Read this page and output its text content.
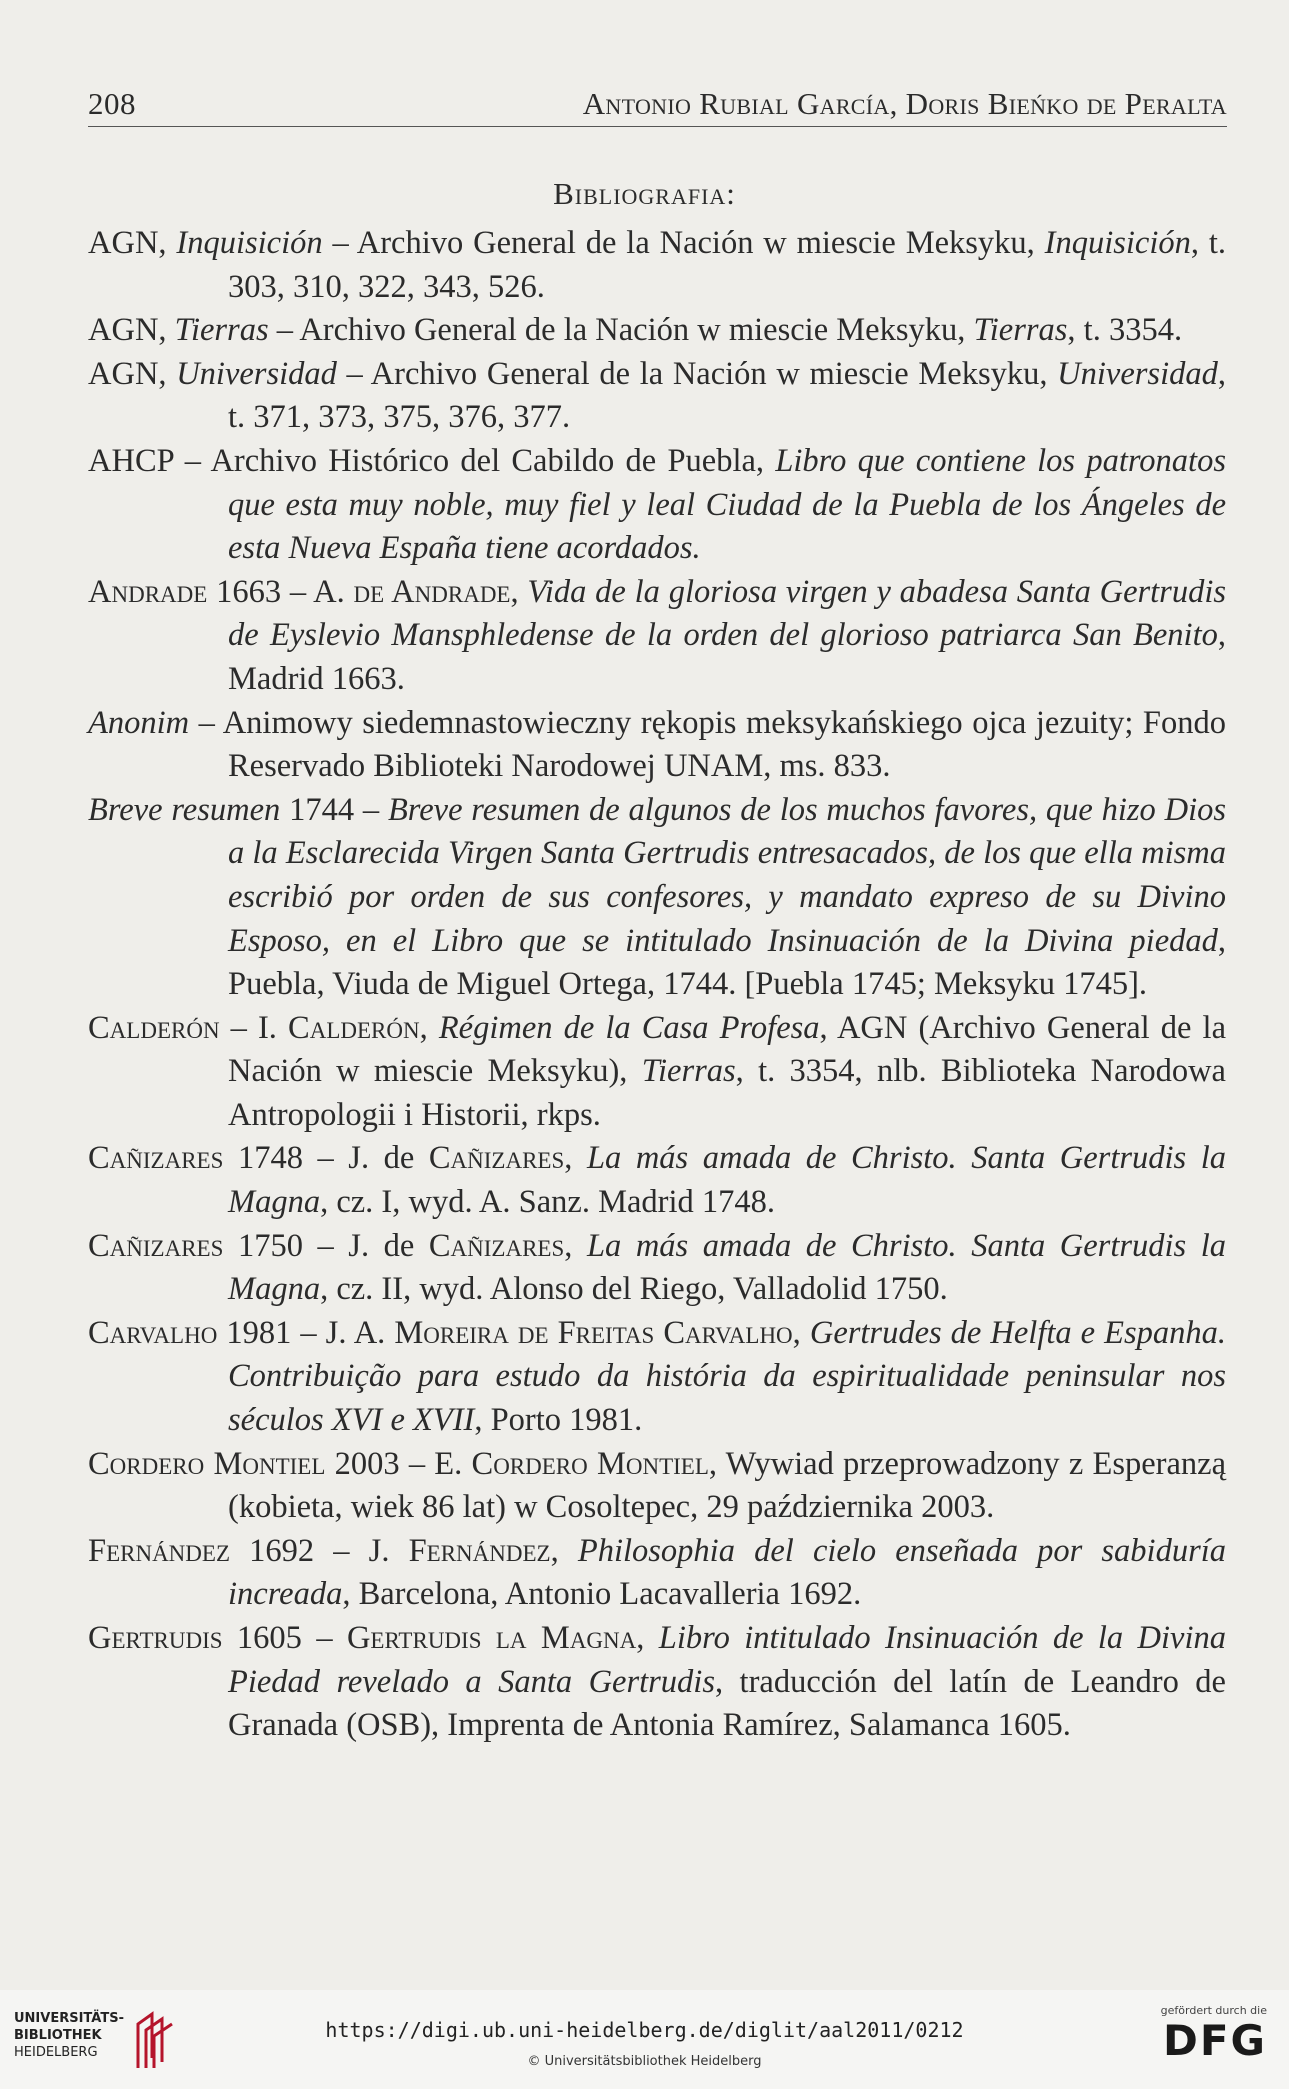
208	Antonio Rubial García, Doris Bieńko de Peralta
Bibliografia:

AGN, Inquisición – Archivo General de la Nación w miescie Meksyku, Inquisición, t. 303, 310, 322, 343, 526.

AGN, Tierras – Archivo General de la Nación w miescie Meksyku, Tierras, t. 3354.

AGN, Universidad – Archivo General de la Nación w miescie Meksyku, Universidad, t. 371, 373, 375, 376, 377.

AHCP – Archivo Histórico del Cabildo de Puebla, Libro que contiene los patronatos que esta muy noble, muy fiel y leal Ciudad de la Puebla de los Ángeles de esta Nueva España tiene acordados.

Andrade 1663 – A. de Andrade, Vida de la gloriosa virgen y abadesa Santa Gertrudis de Eyslevio Mansphledense de la orden del glorioso patriarca San Benito, Madrid 1663.

Anonim – Animowy siedemnastowieczny rękopis meksykańskiego ojca jezuity; Fondo Reservado Biblioteki Narodowej UNAM, ms. 833.

Breve resumen 1744 – Breve resumen de algunos de los muchos favores, que hizo Dios a la Esclarecida Virgen Santa Gertrudis entresacados, de los que ella misma escribió por orden de sus confesores, y mandato expreso de su Divino Esposo, en el Libro que se intitulado Insinuación de la Divina piedad, Puebla, Viuda de Miguel Ortega, 1744. [Puebla 1745; Meksyku 1745].

Calderón – I. Calderón, Régimen de la Casa Profesa, AGN (Archivo General de la Nación w miescie Meksyku), Tierras, t. 3354, nlb. Biblioteka Narodowa Antropologii i Historii, rkps.

Cañizares 1748 – J. de Cañizares, La más amada de Christo. Santa Gertrudis la Magna, cz. I, wyd. A. Sanz. Madrid 1748.

Cañizares 1750 – J. de Cañizares, La más amada de Christo. Santa Gertrudis la Magna, cz. II, wyd. Alonso del Riego, Valladolid 1750.

Carvalho 1981 – J. A. Moreira de Freitas Carvalho, Gertrudes de Helfta e Espanha. Contribuição para estudo da história da espiritualidade peninsular nos séculos XVI e XVII, Porto 1981.

Cordero Montiel 2003 – E. Cordero Montiel, Wywiad przeprowadzony z Esperanzą (kobieta, wiek 86 lat) w Cosoltepec, 29 października 2003.

Fernández 1692 – J. Fernández, Philosophia del cielo enseñada por sabiduría increada, Barcelona, Antonio Lacavalleria 1692.

Gertrudis 1605 – Gertrudis la Magna, Libro intitulado Insinuación de la Divina Piedad revelado a Santa Gertrudis, traducción del latín de Leandro de Granada (OSB), Imprenta de Antonia Ramírez, Salamanca 1605.

UNIVERSITÄTS-
BIBLIOTHEK
HEIDELBERG
https://digi.ub.uni-heidelberg.de/diglit/aal2011/0212
© Universitätsbibliothek Heidelberg
gefördert durch die
DFG
